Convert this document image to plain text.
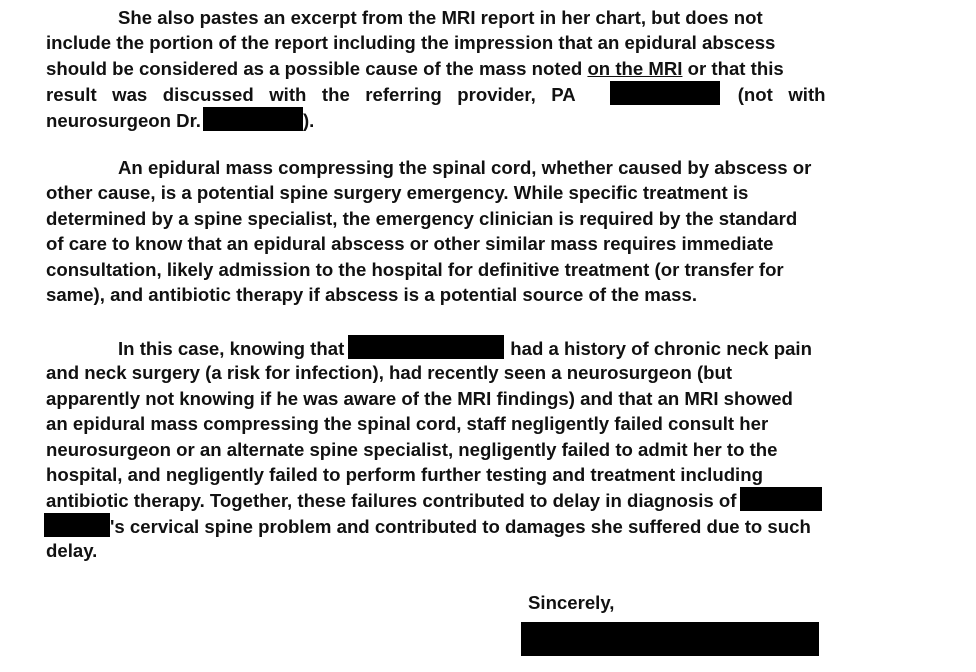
She also pastes an excerpt from the MRI report in her chart, but does not
include the portion of the report including the impression that an epidural abscess
should be considered as a possible cause of the mass noted on the MRI or that this
result   was   discussed   with   the   referring   provider,   PA	(not   with
neurosurgeon Dr.	).
An epidural mass compressing the spinal cord, whether caused by abscess or
other cause, is a potential spine surgery emergency. While specific treatment is
determined by a spine specialist, the emergency clinician is required by the standard
of care to know that an epidural abscess or other similar mass requires immediate
consultation, likely admission to the hospital for definitive treatment (or transfer for
same), and antibiotic therapy if abscess is a potential source of the mass.
In this case, knowing that	had a history of chronic neck pain
and neck surgery (a risk for infection), had recently seen a neurosurgeon (but
apparently not knowing if he was aware of the MRI findings) and that an MRI showed
an epidural mass compressing the spinal cord, staff negligently failed consult her
neurosurgeon or an alternate spine specialist, negligently failed to admit her to the
hospital, and negligently failed to perform further testing and treatment including
antibiotic therapy. Together, these failures contributed to delay in diagnosis of
's cervical spine problem and contributed to damages she suffered due to such
delay.
Sincerely,
